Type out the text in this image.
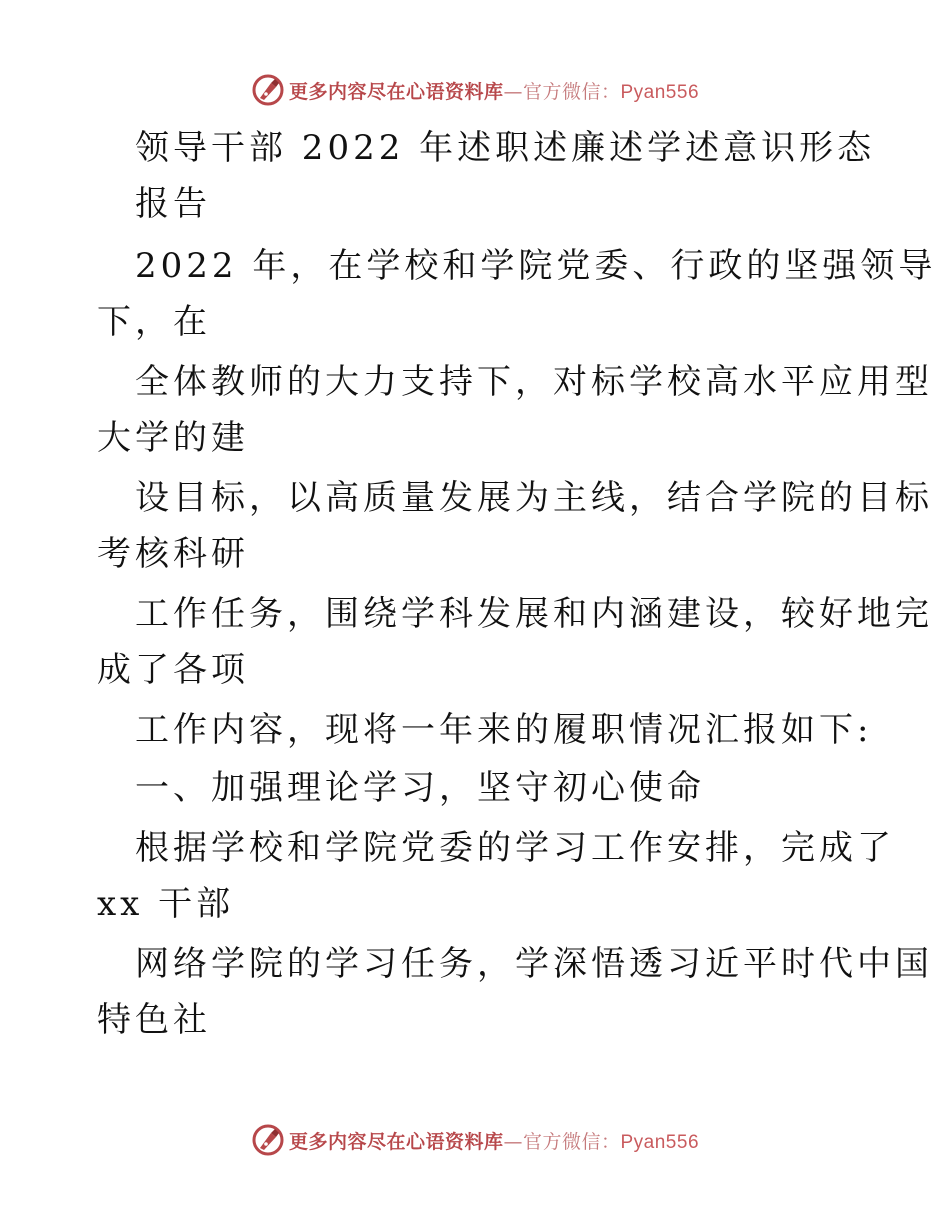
更多内容尽在心语资料库—官方微信：Pyan556
领导干部 2022 年述职述廉述学述意识形态
报告
2022 年，在学校和学院党委、行政的坚强领导
下，在
全体教师的大力支持下，对标学校高水平应用型
大学的建
设目标，以高质量发展为主线，结合学院的目标
考核科研
工作任务，围绕学科发展和内涵建设，较好地完
成了各项
工作内容，现将一年来的履职情况汇报如下:
一、加强理论学习，坚守初心使命
根据学校和学院党委的学习工作安排，完成了
xx 干部
网络学院的学习任务，学深悟透习近平时代中国
特色社
更多内容尽在心语资料库—官方微信：Pyan556
